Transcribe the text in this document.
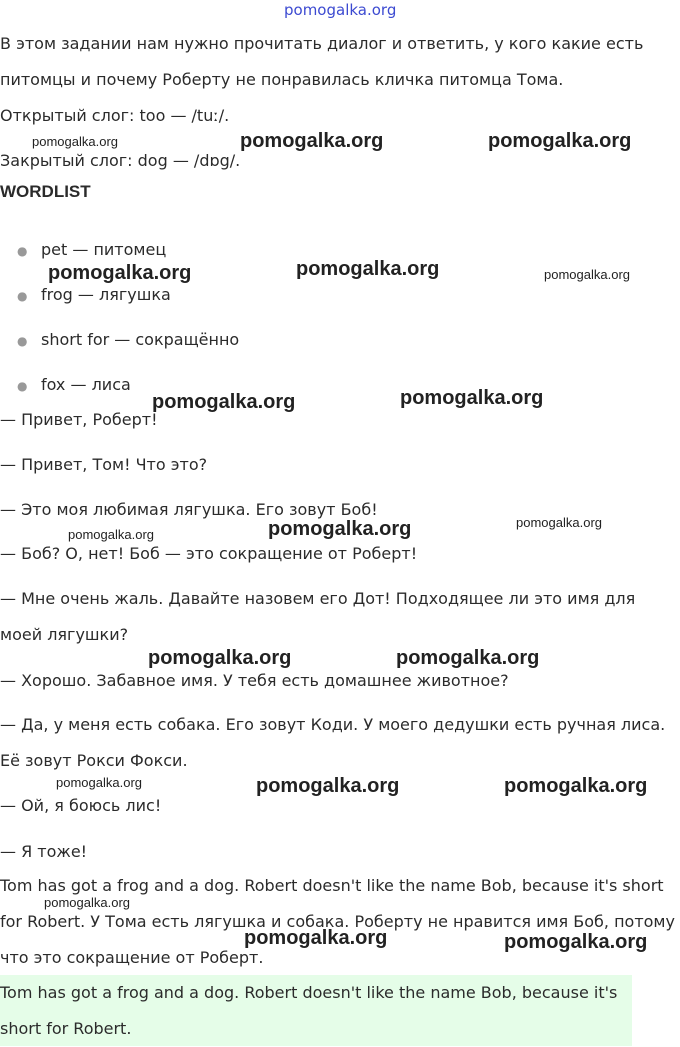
pomogalka.org
В этом задании нам нужно прочитать диалог и ответить, у кого какие есть питомцы и почему Роберту не понравилась кличка питомца Тома.
Открытый слог: too — /tuː/.
Закрытый слог: dog — /dɒg/.
WORDLIST
● pet — питомец
● frog — лягушка
● short for — сокращённо
● fox — лиса
— Привет, Роберт!
— Привет, Том! Что это?
— Это моя любимая лягушка. Его зовут Боб!
— Боб? О, нет! Боб — это сокращение от Роберт!
— Мне очень жаль. Давайте назовем его Дот! Подходящее ли это имя для моей лягушки?
— Хорошо. Забавное имя. У тебя есть домашнее животное?
— Да, у меня есть собака. Его зовут Коди. У моего дедушки есть ручная лиса. Её зовут Рокси Фокси.
— Ой, я боюсь лис!
— Я тоже!
Tom has got a frog and a dog. Robert doesn't like the name Bob, because it's short for Robert. У Тома есть лягушка и собака. Роберту не нравится имя Боб, потому что это сокращение от Роберт.
Tom has got a frog and a dog. Robert doesn't like the name Bob, because it's short for Robert.
pomogalka.org	pomogalka.org	pomogalka.org
pomogalka.org	pomogalka.org	pomogalka.org
pomogalka.org	pomogalka.org
pomogalka.org	pomogalka.org	pomogalka.org
pomogalka.org	pomogalka.org
pomogalka.org	pomogalka.org	pomogalka.org
pomogalka.org
pomogalka.org	pomogalka.org
